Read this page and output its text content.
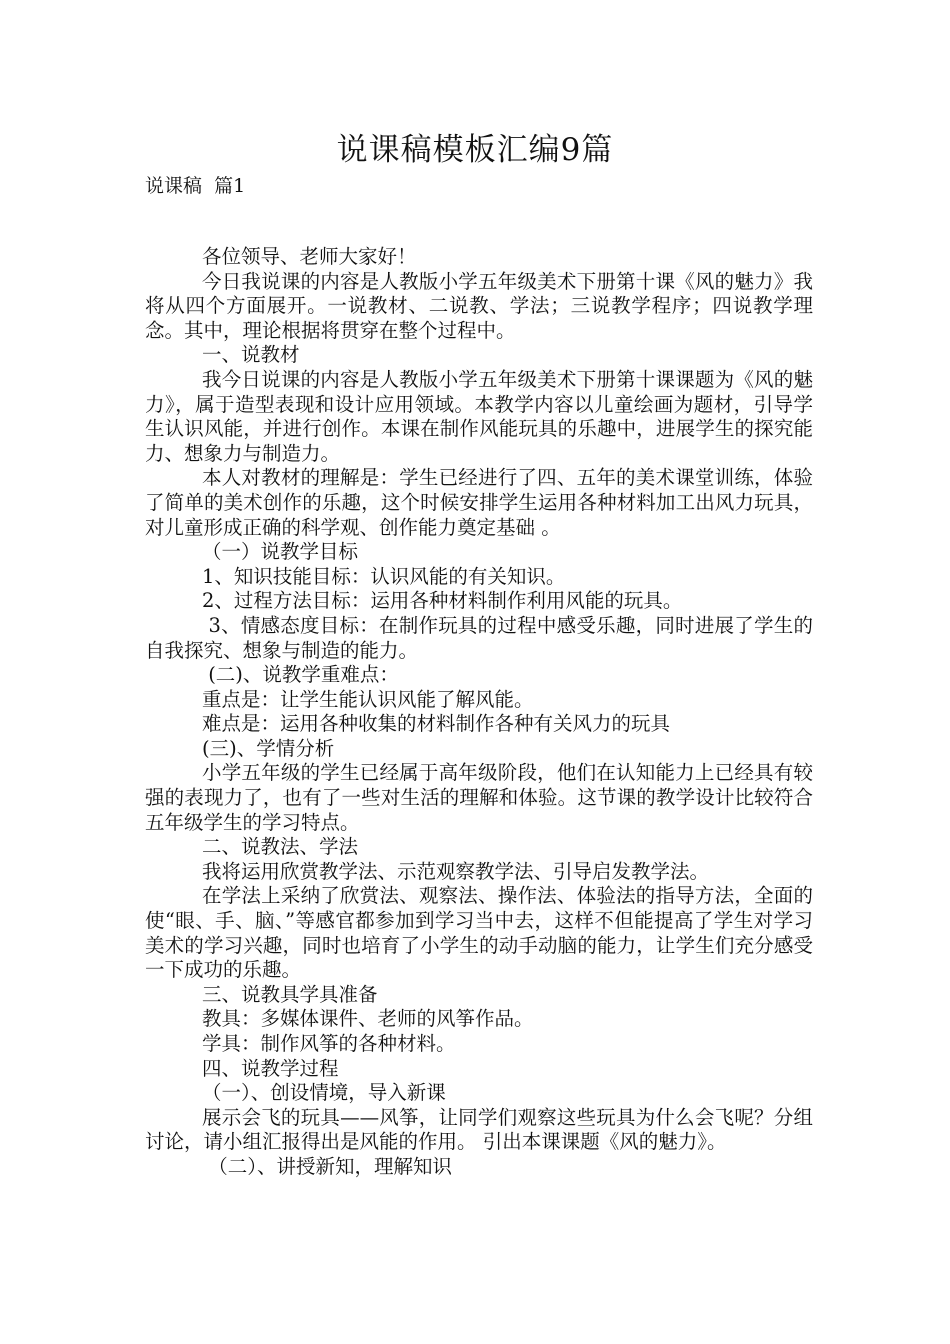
说课稿模板汇编9篇
说课稿  篇1

各位领导、老师大家好！

今日我说课的内容是人教版小学五年级美术下册第十课《风的魅力》我将从四个方面展开。一说教材、二说教、学法；三说教学程序；四说教学理念。其中，理论根据将贯穿在整个过程中。

一、说教材

我今日说课的内容是人教版小学五年级美术下册第十课课题为《风的魅力》，属于造型表现和设计应用领域。本教学内容以儿童绘画为题材，引导学生认识风能，并进行创作。本课在制作风能玩具的乐趣中，进展学生的探究能力、想象力与制造力。

本人对教材的理解是：学生已经进行了四、五年的美术课堂训练，体验了简单的美术创作的乐趣，这个时候安排学生运用各种材料加工出风力玩具，对儿童形成正确的科学观、创作能力奠定基础 。

（一）说教学目标

1、知识技能目标：认识风能的有关知识。

2、过程方法目标：运用各种材料制作利用风能的玩具。

3、情感态度目标：在制作玩具的过程中感受乐趣，同时进展了学生的自我探究、想象与制造的能力。

(二)、说教学重难点：

重点是：让学生能认识风能了解风能。

难点是：运用各种收集的材料制作各种有关风力的玩具

(三)、学情分析

小学五年级的学生已经属于高年级阶段，他们在认知能力上已经具有较强的表现力了，也有了一些对生活的理解和体验。这节课的教学设计比较符合五年级学生的学习特点。

二、说教法、学法

我将运用欣赏教学法、示范观察教学法、引导启发教学法。

在学法上采纳了欣赏法、观察法、操作法、体验法的指导方法，全面的使“眼、手、脑、”等感官都参加到学习当中去，这样不但能提高了学生对学习美术的学习兴趣，同时也培育了小学生的动手动脑的能力，让学生们充分感受一下成功的乐趣。

三、说教具学具准备

教具：多媒体课件、老师的风筝作品。

学具：制作风筝的各种材料。

四、说教学过程

（一）、创设情境，导入新课

展示会飞的玩具——风筝，让同学们观察这些玩具为什么会飞呢？分组讨论，请小组汇报得出是风能的作用。 引出本课课题《风的魅力》。

（二）、讲授新知，理解知识
